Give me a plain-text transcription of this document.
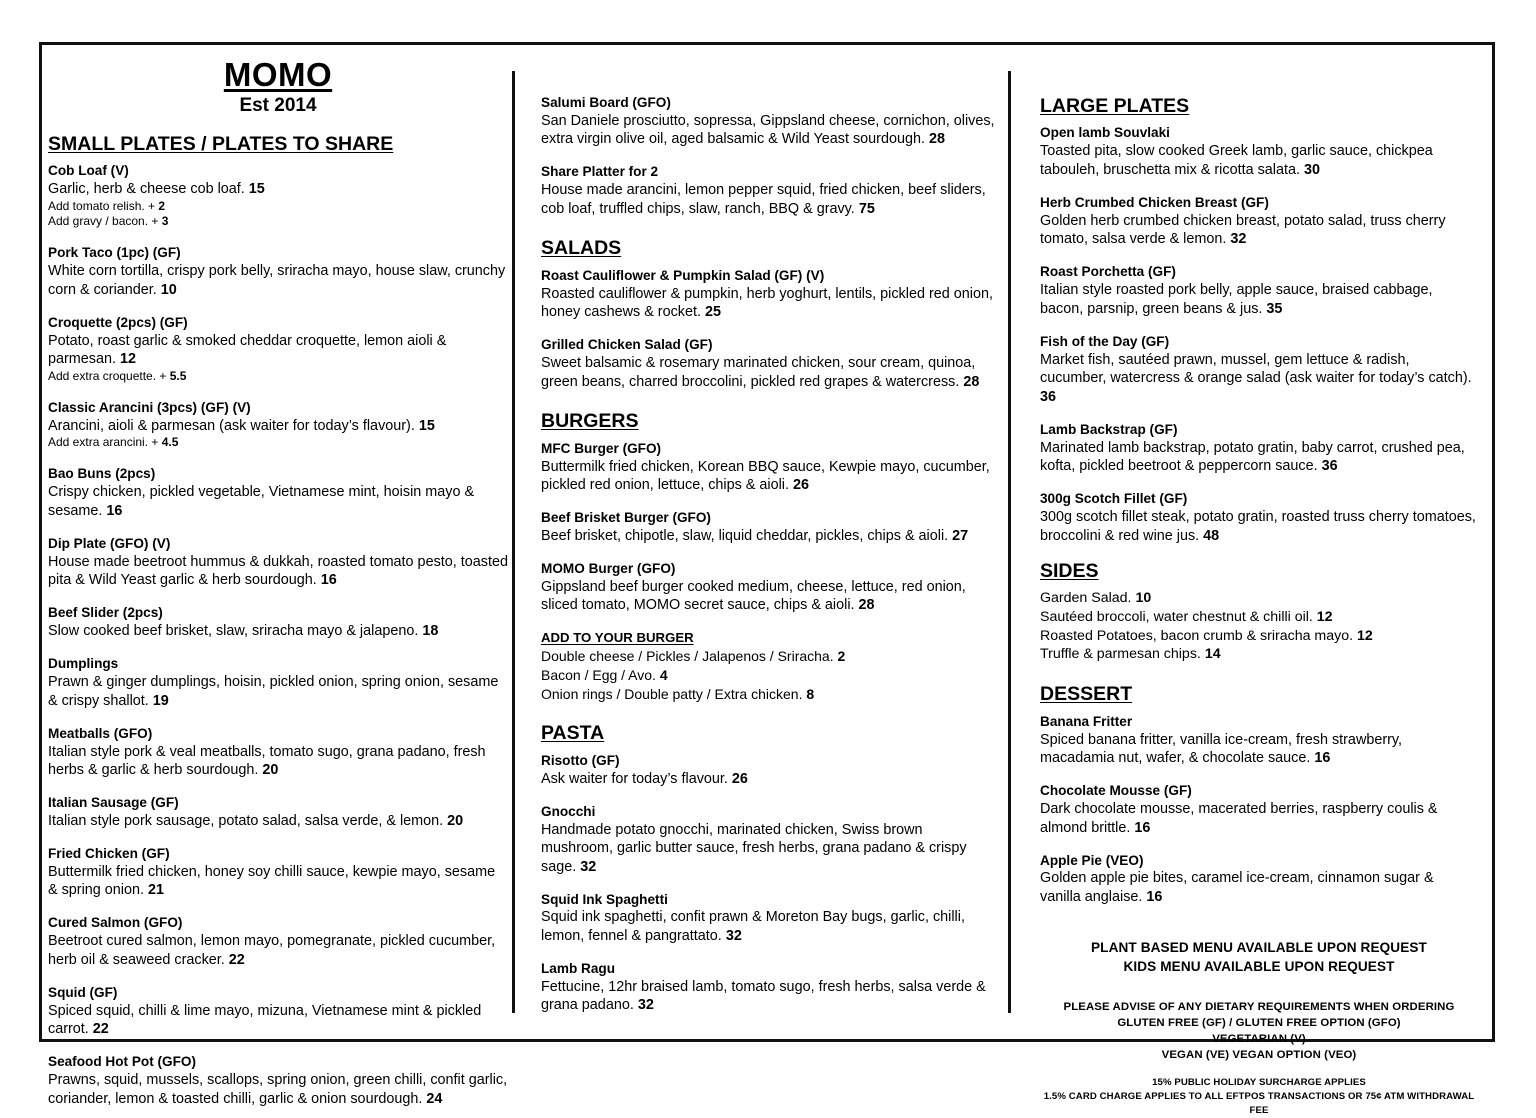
MOMO
Est 2014
SMALL PLATES / PLATES TO SHARE
Cob Loaf (V)
Garlic, herb & cheese cob loaf. 15
Add tomato relish. + 2
Add gravy / bacon. + 3
Pork Taco (1pc) (GF)
White corn tortilla, crispy pork belly, sriracha mayo, house slaw, crunchy corn & coriander. 10
Croquette (2pcs) (GF)
Potato, roast garlic & smoked cheddar croquette, lemon aioli & parmesan. 12
Add extra croquette. + 5.5
Classic Arancini (3pcs) (GF) (V)
Arancini, aioli & parmesan (ask waiter for today’s flavour). 15
Add extra arancini. + 4.5
Bao Buns (2pcs)
Crispy chicken, pickled vegetable, Vietnamese mint, hoisin mayo & sesame. 16
Dip Plate (GFO) (V)
House made beetroot hummus & dukkah, roasted tomato pesto, toasted pita & Wild Yeast garlic & herb sourdough. 16
Beef Slider (2pcs)
Slow cooked beef brisket, slaw, sriracha mayo & jalapeno. 18
Dumplings
Prawn & ginger dumplings, hoisin, pickled onion, spring onion, sesame & crispy shallot. 19
Meatballs (GFO)
Italian style pork & veal meatballs, tomato sugo, grana padano, fresh herbs & garlic & herb sourdough. 20
Italian Sausage (GF)
Italian style pork sausage, potato salad, salsa verde, & lemon. 20
Fried Chicken (GF)
Buttermilk fried chicken, honey soy chilli sauce, kewpie mayo, sesame & spring onion. 21
Cured Salmon (GFO)
Beetroot cured salmon, lemon mayo, pomegranate, pickled cucumber, herb oil & seaweed cracker. 22
Squid (GF)
Spiced squid, chilli & lime mayo, mizuna, Vietnamese mint & pickled carrot. 22
Seafood Hot Pot (GFO)
Prawns, squid, mussels, scallops, spring onion, green chilli, confit garlic, coriander, lemon & toasted chilli, garlic & onion sourdough. 24
Salumi Board (GFO)
San Daniele prosciutto, sopressa, Gippsland cheese, cornichon, olives, extra virgin olive oil, aged balsamic & Wild Yeast sourdough. 28
Share Platter for 2
House made arancini, lemon pepper squid, fried chicken, beef sliders, cob loaf, truffled chips, slaw, ranch, BBQ & gravy. 75
SALADS
Roast Cauliflower & Pumpkin Salad (GF) (V)
Roasted cauliflower & pumpkin, herb yoghurt, lentils, pickled red onion, honey cashews & rocket. 25
Grilled Chicken Salad (GF)
Sweet balsamic & rosemary marinated chicken, sour cream, quinoa, green beans, charred broccolini, pickled red grapes & watercress. 28
BURGERS
MFC Burger (GFO)
Buttermilk fried chicken, Korean BBQ sauce, Kewpie mayo, cucumber, pickled red onion, lettuce, chips & aioli. 26
Beef Brisket Burger (GFO)
Beef brisket, chipotle, slaw, liquid cheddar, pickles, chips & aioli. 27
MOMO Burger (GFO)
Gippsland beef burger cooked medium, cheese, lettuce, red onion, sliced tomato, MOMO secret sauce, chips & aioli. 28
ADD TO YOUR BURGER
Double cheese / Pickles / Jalapenos / Sriracha. 2
Bacon / Egg / Avo. 4
Onion rings / Double patty / Extra chicken. 8
PASTA
Risotto (GF)
Ask waiter for today’s flavour. 26
Gnocchi
Handmade potato gnocchi, marinated chicken, Swiss brown mushroom, garlic butter sauce, fresh herbs, grana padano & crispy sage. 32
Squid Ink Spaghetti
Squid ink spaghetti, confit prawn & Moreton Bay bugs, garlic, chilli, lemon, fennel & pangrattato. 32
Lamb Ragu
Fettucine, 12hr braised lamb, tomato sugo, fresh herbs, salsa verde & grana padano. 32
LARGE PLATES
Open lamb Souvlaki
Toasted pita, slow cooked Greek lamb, garlic sauce, chickpea tabouleh, bruschetta mix & ricotta salata. 30
Herb Crumbed Chicken Breast (GF)
Golden herb crumbed chicken breast, potato salad, truss cherry tomato, salsa verde & lemon. 32
Roast Porchetta (GF)
Italian style roasted pork belly, apple sauce, braised cabbage, bacon, parsnip, green beans & jus. 35
Fish of the Day (GF)
Market fish, sautéed prawn, mussel, gem lettuce & radish, cucumber, watercress & orange salad (ask waiter for today’s catch). 36
Lamb Backstrap (GF)
Marinated lamb backstrap, potato gratin, baby carrot, crushed pea, kofta, pickled beetroot & peppercorn sauce. 36
300g Scotch Fillet (GF)
300g scotch fillet steak, potato gratin, roasted truss cherry tomatoes, broccolini & red wine jus. 48
SIDES
Garden Salad. 10
Sautéed broccoli, water chestnut & chilli oil. 12
Roasted Potatoes, bacon crumb & sriracha mayo. 12
Truffle & parmesan chips. 14
DESSERT
Banana Fritter
Spiced banana fritter, vanilla ice-cream, fresh strawberry, macadamia nut, wafer, & chocolate sauce. 16
Chocolate Mousse (GF)
Dark chocolate mousse, macerated berries, raspberry coulis & almond brittle. 16
Apple Pie (VEO)
Golden apple pie bites, caramel ice-cream, cinnamon sugar & vanilla anglaise. 16
PLANT BASED MENU AVAILABLE UPON REQUEST
KIDS MENU AVAILABLE UPON REQUEST
PLEASE ADVISE OF ANY DIETARY REQUIREMENTS WHEN ORDERING
GLUTEN FREE (GF) / GLUTEN FREE OPTION (GFO)
VEGETARIAN (V)
VEGAN (VE) VEGAN OPTION (VEO)
15% PUBLIC HOLIDAY SURCHARGE APPLIES
1.5% CARD CHARGE APPLIES TO ALL EFTPOS TRANSACTIONS OR 75¢ ATM WITHDRAWAL FEE
